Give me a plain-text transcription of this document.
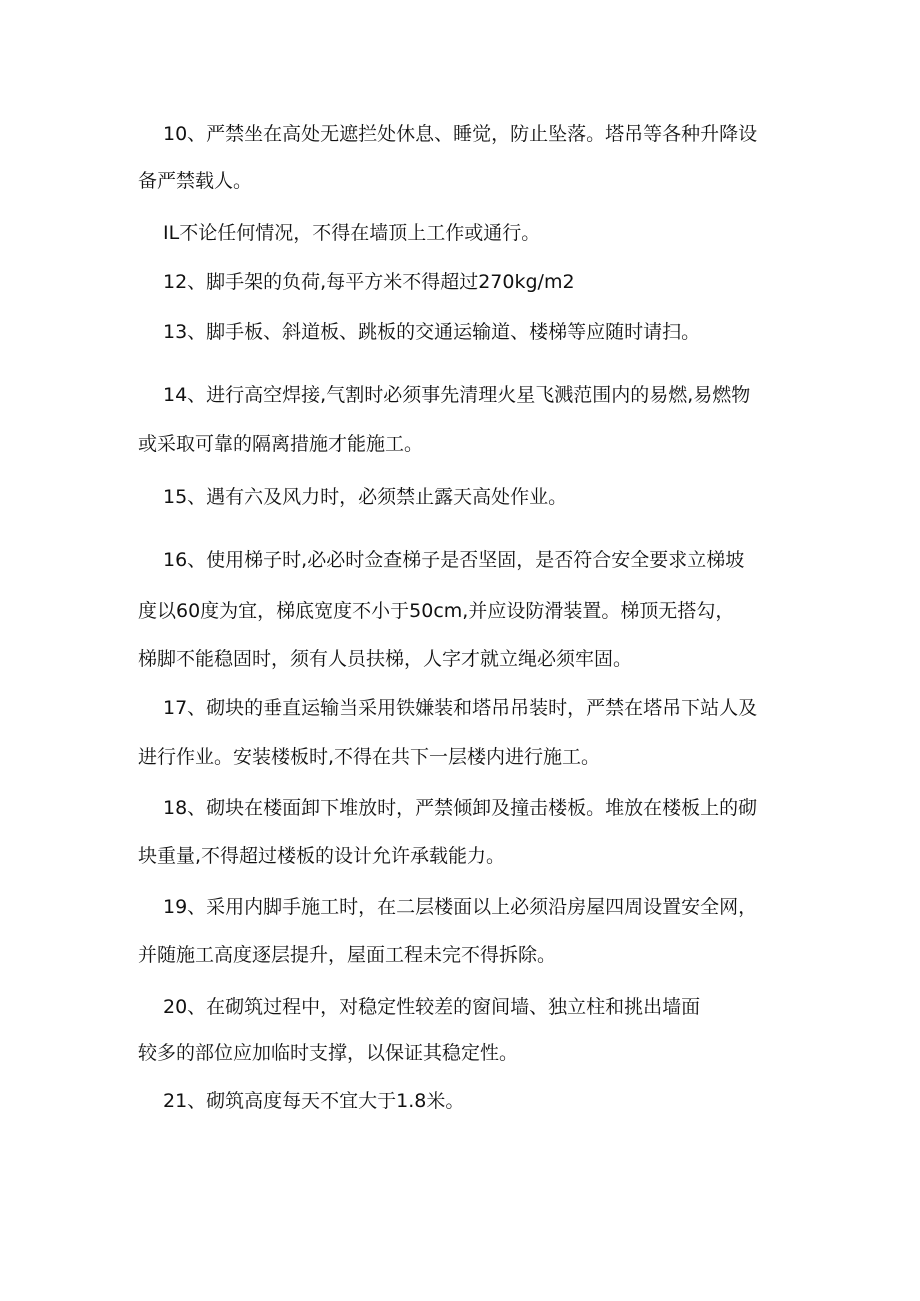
10、严禁坐在高处无遮拦处休息、睡觉，防止坠落。塔吊等各种升降设
备严禁载人。
IL不论任何情况，不得在墙顶上工作或通行。
12、脚手架的负荷,每平方米不得超过270kg∕m2
13、脚手板、斜道板、跳板的交通运输道、楼梯等应随时请扫。
14、进行高空焊接,气割时必须事先清理火星飞溅范围内的易燃,易燃物
或采取可靠的隔离措施才能施工。
15、遇有六及风力时，必须禁止露天高处作业。
16、使用梯子时,必必时佥查梯子是否坚固，是否符合安全要求立梯坡
度以60度为宜，梯底宽度不小于50cm,并应设防滑装置。梯顶无搭勾，
梯脚不能稳固时，须有人员扶梯，人字才就立绳必须牢固。
17、砌块的垂直运输当采用铁嫌装和塔吊吊装时，严禁在塔吊下站人及
进行作业。安装楼板时,不得在共下一层楼内进行施工。
18、砌块在楼面卸下堆放时，严禁倾卸及撞击楼板。堆放在楼板上的砌
块重量,不得超过楼板的设计允许承载能力。
19、采用内脚手施工时，在二层楼面以上必须沿房屋四周设置安全网，
并随施工高度逐层提升，屋面工程未完不得拆除。
20、在砌筑过程中，对稳定性较差的窗间墙、独立柱和挑出墙面
较多的部位应加临时支撑，以保证其稳定性。
21、砌筑高度每天不宜大于1.8米。
